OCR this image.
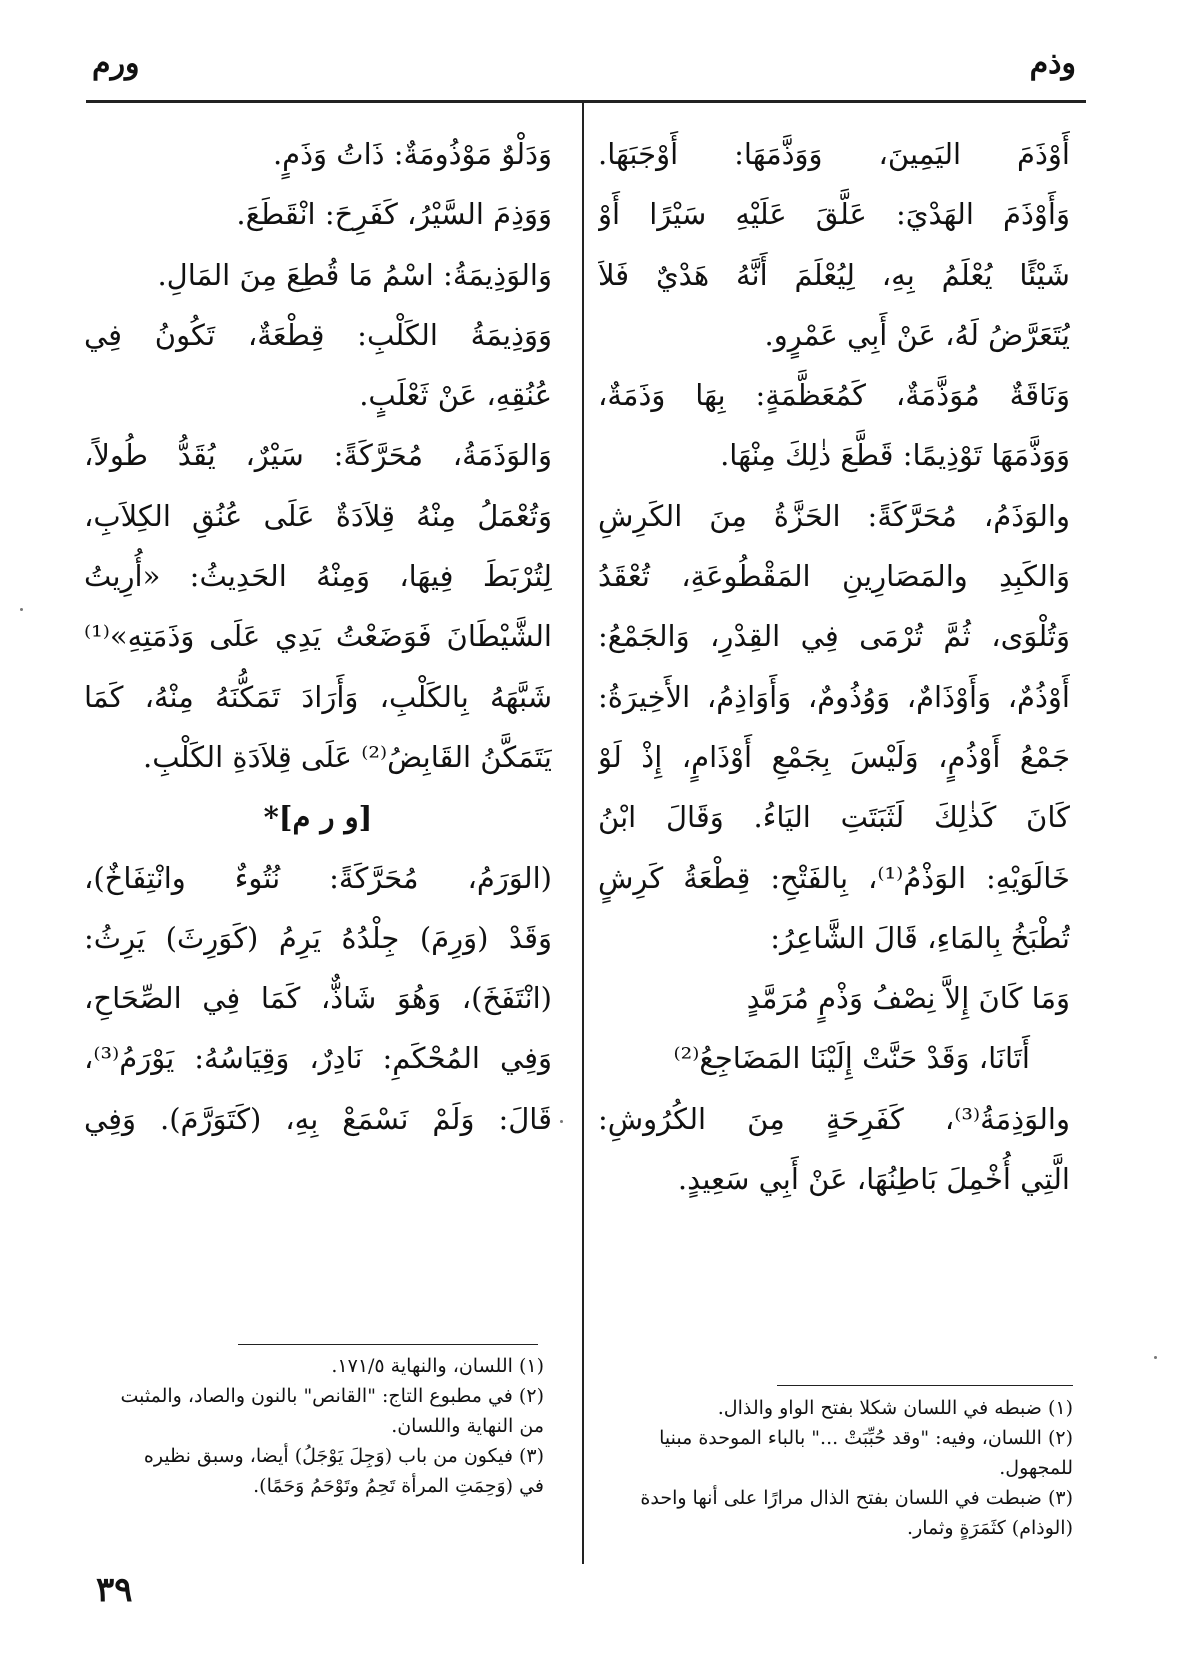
ورم	وذم
أَوْذَمَ اليَمِينَ، وَوَذَّمَهَا: أَوْجَبَهَا.
وَأَوْذَمَ الهَدْيَ: عَلَّقَ عَلَيْهِ سَيْرًا أَوْ
شَيْئًا يُعْلَمُ بِهِ، لِيُعْلَمَ أَنَّهُ هَدْيٌ فَلاَ
يُتَعَرَّضُ لَهُ، عَنْ أَبِي عَمْرٍو.
وَنَاقَةٌ مُوَذَّمَةٌ، كَمُعَظَّمَةٍ: بِهَا وَذَمَةٌ،
وَوَذَّمَهَا تَوْذِيمًا: قَطَّعَ ذٰلِكَ مِنْهَا.
والوَذَمُ، مُحَرَّكَةً: الحَزَّةُ مِنَ الكَرِشِ
وَالكَبِدِ والمَصَارِينِ المَقْطُوعَةِ، تُعْقَدُ
وَتُلْوَى، ثُمَّ تُرْمَى فِي القِدْرِ، وَالجَمْعُ:
أَوْذُمٌ، وَأَوْذَامٌ، وَوُذُومٌ، وَأَوَاذِمُ، الأَخِيرَةُ:
جَمْعُ أَوْذُمٍ، وَلَيْسَ بِجَمْعِ أَوْذَامٍ، إِذْ لَوْ
كَانَ كَذٰلِكَ لَثَبَتَتِ اليَاءُ. وَقَالَ ابْنُ
خَالَوَيْهِ: الوَذْمُ⁽¹⁾، بِالفَتْحِ: قِطْعَةُ كَرِشٍ
تُطْبَخُ بِالمَاءِ، قَالَ الشَّاعِرُ:
وَمَا كَانَ إِلاَّ نِصْفُ وَذْمٍ مُرَمَّدٍ
أَتَانَا، وَقَدْ حَنَّتْ إِلَيْنَا المَضَاجِعُ⁽²⁾
والوَذِمَةُ⁽³⁾، كَفَرِحَةٍ مِنَ الكُرُوشِ:
الَّتِي أُخْمِلَ بَاطِنُهَا، عَنْ أَبِي سَعِيدٍ.
وَدَلْوٌ مَوْذُومَةٌ: ذَاتُ وَذَمٍ.
وَوَذِمَ السَّيْرُ، كَفَرِحَ: انْقَطَعَ.
وَالوَذِيمَةُ: اسْمُ مَا قُطِعَ مِنَ المَالِ.
وَوَذِيمَةُ الكَلْبِ: قِطْعَةٌ، تَكُونُ فِي
عُنُقِهِ، عَنْ ثَعْلَبٍ.
وَالوَذَمَةُ، مُحَرَّكَةً: سَيْرٌ، يُقَدُّ طُولاً،
وَتُعْمَلُ مِنْهُ قِلاَدَةٌ عَلَى عُنُقِ الكِلاَبِ،
لِتُرْبَطَ فِيهَا، وَمِنْهُ الحَدِيثُ: «أُرِيتُ
الشَّيْطَانَ فَوَضَعْتُ يَدِي عَلَى وَذَمَتِهِ»⁽¹⁾
شَبَّهَهُ بِالكَلْبِ، وَأَرَادَ تَمَكُّنَهُ مِنْهُ، كَمَا
يَتَمَكَّنُ القَابِضُ⁽²⁾ عَلَى قِلاَدَةِ الكَلْبِ.
[و ر م]*
(الوَرَمُ، مُحَرَّكَةً: نُتُوءٌ وانْتِفَاخٌ)،
وَقَدْ (وَرِمَ) جِلْدُهُ يَرِمُ (كَوَرِثَ) يَرِثُ:
(انْتَفَخَ)، وَهُوَ شَاذٌّ، كَمَا فِي الصِّحَاحِ،
وَفِي المُحْكَمِ: نَادِرٌ، وَقِيَاسُهُ: يَوْرَمُ⁽³⁾،
قَالَ: وَلَمْ نَسْمَعْ بِهِ، (كَتَوَرَّمَ). وَفِي
(١) ضبطه في اللسان شكلا بفتح الواو والذال.
(٢) اللسان، وفيه: "وقد حُبِّبَتْ ..." بالباء الموحدة مبنيا
للمجهول.
(٣) ضبطت في اللسان بفتح الذال مرارًا على أنها واحدة
(الوذام) كثَمَرَةٍ وثمار.
(١) اللسان، والنهاية ١٧١/٥.
(٢) في مطبوع التاج: "القانص" بالنون والصاد، والمثبت
من النهاية واللسان.
(٣) فيكون من باب (وَجِلَ يَوْجَلُ) أيضا، وسبق نظيره
في (وَحِمَتِ المرأة تَحِمُ وتَوْحَمُ وَحَمًا).
٣٩
